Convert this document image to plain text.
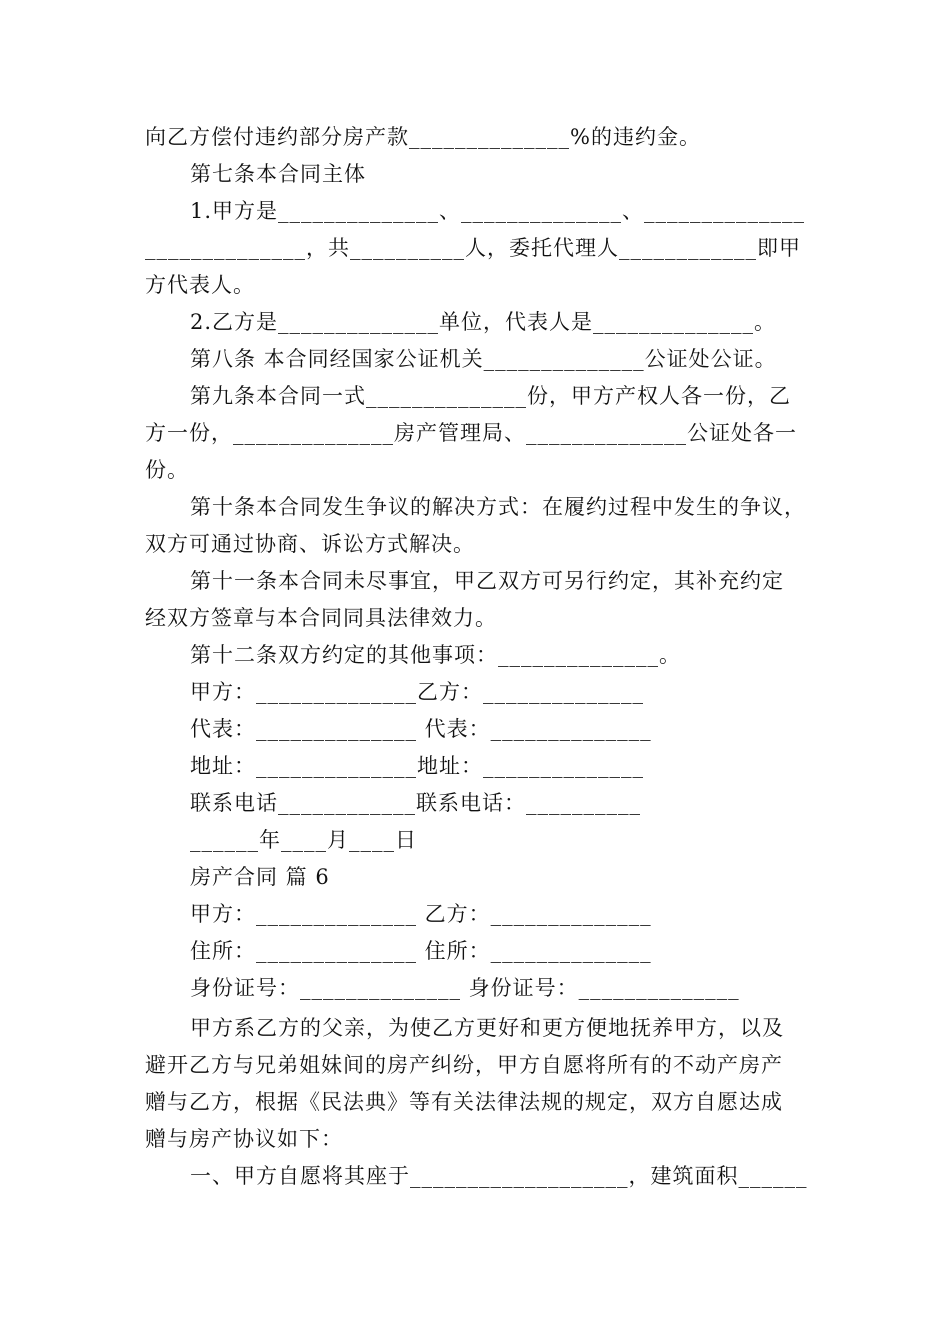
向乙方偿付违约部分房产款______________%的违约金。
第七条本合同主体
1.甲方是______________、______________、______________
______________，共__________人，委托代理人____________即甲
方代表人。
2.乙方是______________单位，代表人是______________。
第八条 本合同经国家公证机关______________公证处公证。
第九条本合同一式______________份，甲方产权人各一份，乙
方一份，______________房产管理局、______________公证处各一
份。
第十条本合同发生争议的解决方式：在履约过程中发生的争议，
双方可通过协商、诉讼方式解决。
第十一条本合同未尽事宜，甲乙双方可另行约定，其补充约定
经双方签章与本合同同具法律效力。
第十二条双方约定的其他事项：______________。
甲方：______________乙方：______________
代表：______________ 代表：______________
地址：______________地址：______________
联系电话____________联系电话：__________
______年____月____日
房产合同 篇 6
甲方：______________ 乙方：______________
住所：______________ 住所：______________
身份证号：______________ 身份证号：______________
甲方系乙方的父亲，为使乙方更好和更方便地抚养甲方，以及
避开乙方与兄弟姐妹间的房产纠纷，甲方自愿将所有的不动产房产
赠与乙方，根据《民法典》等有关法律法规的规定，双方自愿达成
赠与房产协议如下：
一、甲方自愿将其座于___________________，建筑面积______
